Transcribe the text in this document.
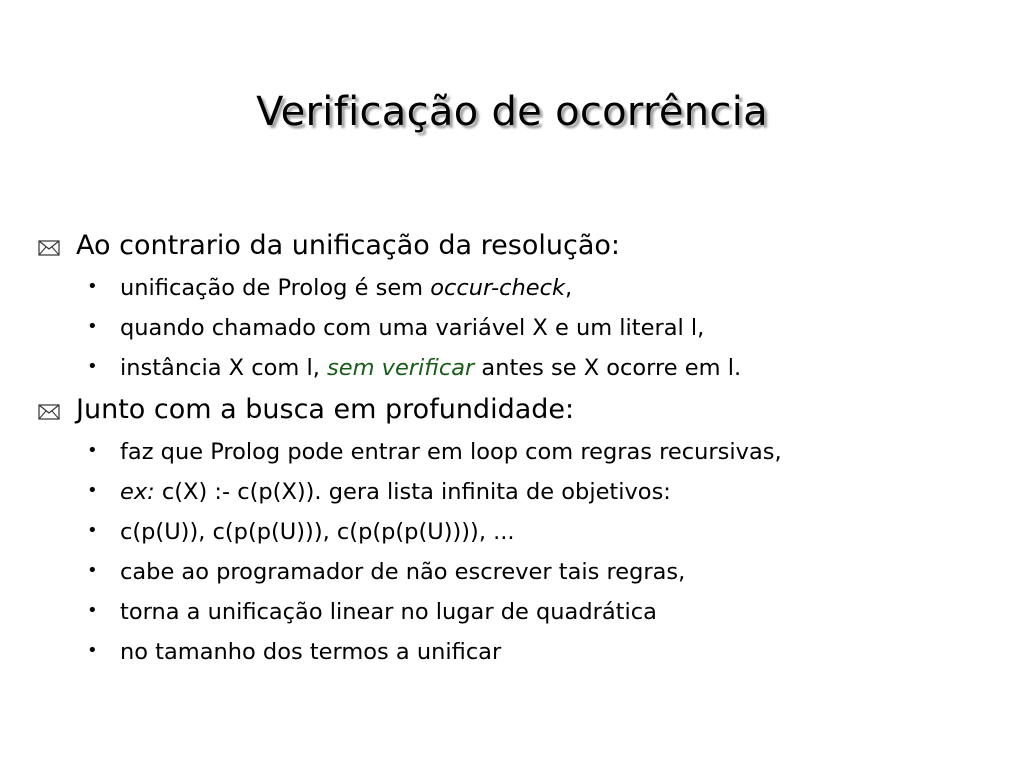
Verificação de ocorrência
Ao contrario da unificação da resolução:
• unificação de Prolog é sem occur-check,
• quando chamado com uma variável X e um literal l,
• instância X com l, sem verificar antes se X ocorre em l.
Junto com a busca em profundidade:
• faz que Prolog pode entrar em loop com regras recursivas,
• ex: c(X) :- c(p(X)). gera lista infinita de objetivos:
• c(p(U)), c(p(p(U))), c(p(p(p(U)))), ...
• cabe ao programador de não escrever tais regras,
• torna a unificação linear no lugar de quadrática
• no tamanho dos termos a unificar
